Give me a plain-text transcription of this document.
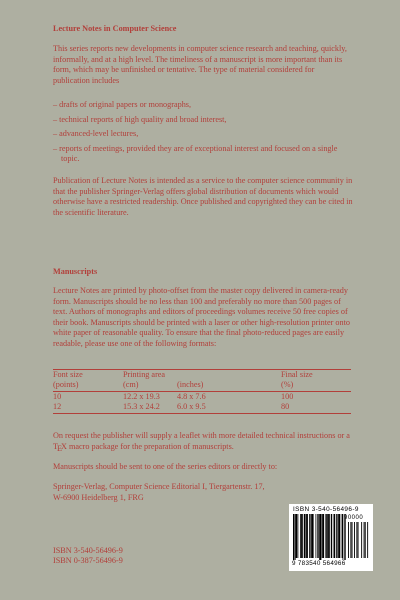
Lecture Notes in Computer Science
This series reports new developments in computer science research and teaching, quickly, informally, and at a high level. The timeliness of a manuscript is more important than its form, which may be unfinished or tentative. The type of material considered for publication includes
– drafts of original papers or monographs,
– technical reports of high quality and broad interest,
– advanced-level lectures,
– reports of meetings, provided they are of exceptional interest and focused on a single topic.
Publication of Lecture Notes is intended as a service to the computer science community in that the publisher Springer-Verlag offers global distribution of documents which would otherwise have a restricted readership. Once published and copyrighted they can be cited in the scientific literature.
Manuscripts
Lecture Notes are printed by photo-offset from the master copy delivered in camera-ready form. Manuscripts should be no less than 100 and preferably no more than 500 pages of text. Authors of monographs and editors of proceedings volumes receive 50 free copies of their book. Manuscripts should be printed with a laser or other high-resolution printer onto white paper of reasonable quality. To ensure that the final photo-reduced pages are easily readable, please use one of the following formats:
Font size	Printing area		Final size
(points)	(cm)	(inches)	(%)
10	12.2 x 19.3	4.8 x 7.6	100
12	15.3 x 24.2	6.0 x 9.5	80
On request the publisher will supply a leaflet with more detailed technical instructions or a TEX macro package for the preparation of manuscripts.
Manuscripts should be sent to one of the series editors or directly to:
Springer-Verlag, Computer Science Editorial I, Tiergartenstr. 17,
W-6900 Heidelberg 1, FRG
ISBN 3-540-56496-9
ISBN 0-387-56496-9
ISBN 3-540-56496-9
90000
9 783540 564966
